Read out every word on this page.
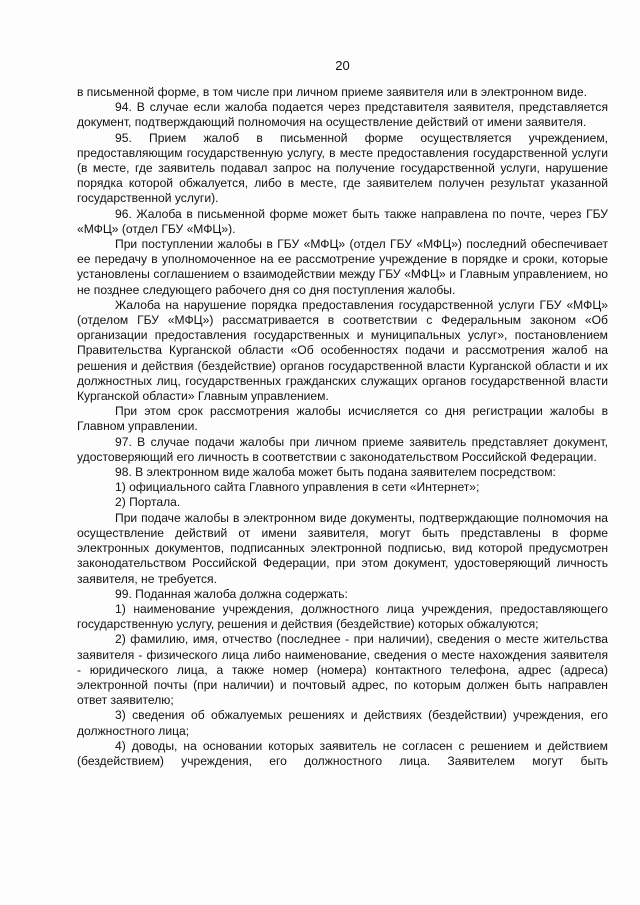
20

в письменной форме, в том числе при личном приеме заявителя или в электронном виде.

94. В случае если жалоба подается через представителя заявителя, представляется документ, подтверждающий полномочия на осуществление действий от имени заявителя.

95. Прием жалоб в письменной форме осуществляется учреждением, предоставляющим государственную услугу, в месте предоставления государственной услуги (в месте, где заявитель подавал запрос на получение государственной услуги, нарушение порядка которой обжалуется, либо в месте, где заявителем получен результат указанной государственной услуги).

96. Жалоба в письменной форме может быть также направлена по почте, через ГБУ «МФЦ» (отдел ГБУ «МФЦ»).

При поступлении жалобы в ГБУ «МФЦ» (отдел ГБУ «МФЦ») последний обеспечивает ее передачу в уполномоченное на ее рассмотрение учреждение в порядке и сроки, которые установлены соглашением о взаимодействии между ГБУ «МФЦ» и Главным управлением, но не позднее следующего рабочего дня со дня поступления жалобы.

Жалоба на нарушение порядка предоставления государственной услуги ГБУ «МФЦ» (отделом ГБУ «МФЦ») рассматривается в соответствии с Федеральным законом «Об организации предоставления государственных и муниципальных услуг», постановлением Правительства Курганской области «Об особенностях подачи и рассмотрения жалоб на решения и действия (бездействие) органов государственной власти Курганской области и их должностных лиц, государственных гражданских служащих органов государственной власти Курганской области» Главным управлением.

При этом срок рассмотрения жалобы исчисляется со дня регистрации жалобы в Главном управлении.

97. В случае подачи жалобы при личном приеме заявитель представляет документ, удостоверяющий его личность в соответствии с законодательством Российской Федерации.

98. В электронном виде жалоба может быть подана заявителем посредством:

1) официального сайта Главного управления в сети «Интернет»;

2) Портала.

При подаче жалобы в электронном виде документы, подтверждающие полномочия на осуществление действий от имени заявителя, могут быть представлены в форме электронных документов, подписанных электронной подписью, вид которой предусмотрен законодательством Российской Федерации, при этом документ, удостоверяющий личность заявителя, не требуется.

99. Поданная жалоба должна содержать:

1) наименование учреждения, должностного лица учреждения, предоставляющего государственную услугу, решения и действия (бездействие) которых обжалуются;

2) фамилию, имя, отчество (последнее - при наличии), сведения о месте жительства заявителя - физического лица либо наименование, сведения о месте нахождения заявителя - юридического лица, а также номер (номера) контактного телефона, адрес (адреса) электронной почты (при наличии) и почтовый адрес, по которым должен быть направлен ответ заявителю;

3) сведения об обжалуемых решениях и действиях (бездействии) учреждения, его должностного лица;

4) доводы, на основании которых заявитель не согласен с решением и действием (бездействием) учреждения, его должностного лица. Заявителем могут быть
